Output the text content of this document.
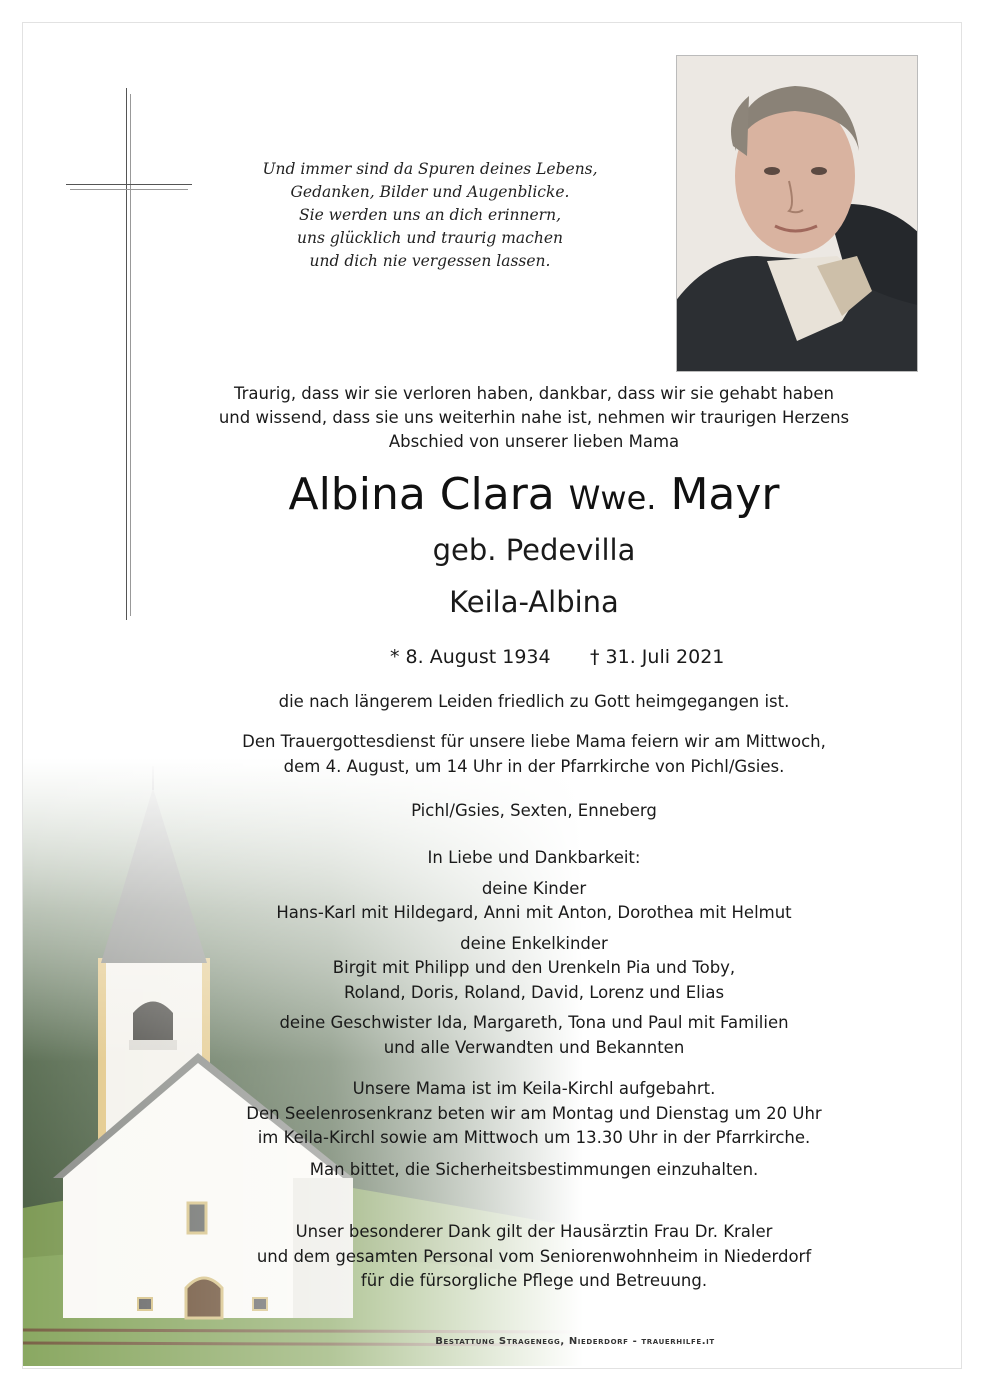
Und immer sind da Spuren deines Lebens,
Gedanken, Bilder und Augenblicke.
Sie werden uns an dich erinnern,
uns glücklich und traurig machen
und dich nie vergessen lassen.
Traurig, dass wir sie verloren haben, dankbar, dass wir sie gehabt haben
und wissend, dass sie uns weiterhin nahe ist, nehmen wir traurigen Herzens
Abschied von unserer lieben Mama
Albina Clara Wwe. Mayr
geb. Pedevilla
Keila-Albina
* 8. August 1934 † 31. Juli 2021
die nach längerem Leiden friedlich zu Gott heimgegangen ist.
Den Trauergottesdienst für unsere liebe Mama feiern wir am Mittwoch,
dem 4. August, um 14 Uhr in der Pfarrkirche von Pichl/Gsies.
Pichl/Gsies, Sexten, Enneberg
In Liebe und Dankbarkeit:
deine Kinder
Hans-Karl mit Hildegard, Anni mit Anton, Dorothea mit Helmut
deine Enkelkinder
Birgit mit Philipp und den Urenkeln Pia und Toby,
Roland, Doris, Roland, David, Lorenz und Elias
deine Geschwister Ida, Margareth, Tona und Paul mit Familien
und alle Verwandten und Bekannten
Unsere Mama ist im Keila-Kirchl aufgebahrt.
Den Seelenrosenkranz beten wir am Montag und Dienstag um 20 Uhr
im Keila-Kirchl sowie am Mittwoch um 13.30 Uhr in der Pfarrkirche.
Man bittet, die Sicherheitsbestimmungen einzuhalten.
Unser besonderer Dank gilt der Hausärztin Frau Dr. Kraler
und dem gesamten Personal vom Seniorenwohnheim in Niederdorf
für die fürsorgliche Pflege und Betreuung.
Bestattung Stragenegg, Niederdorf - trauerhilfe.it
